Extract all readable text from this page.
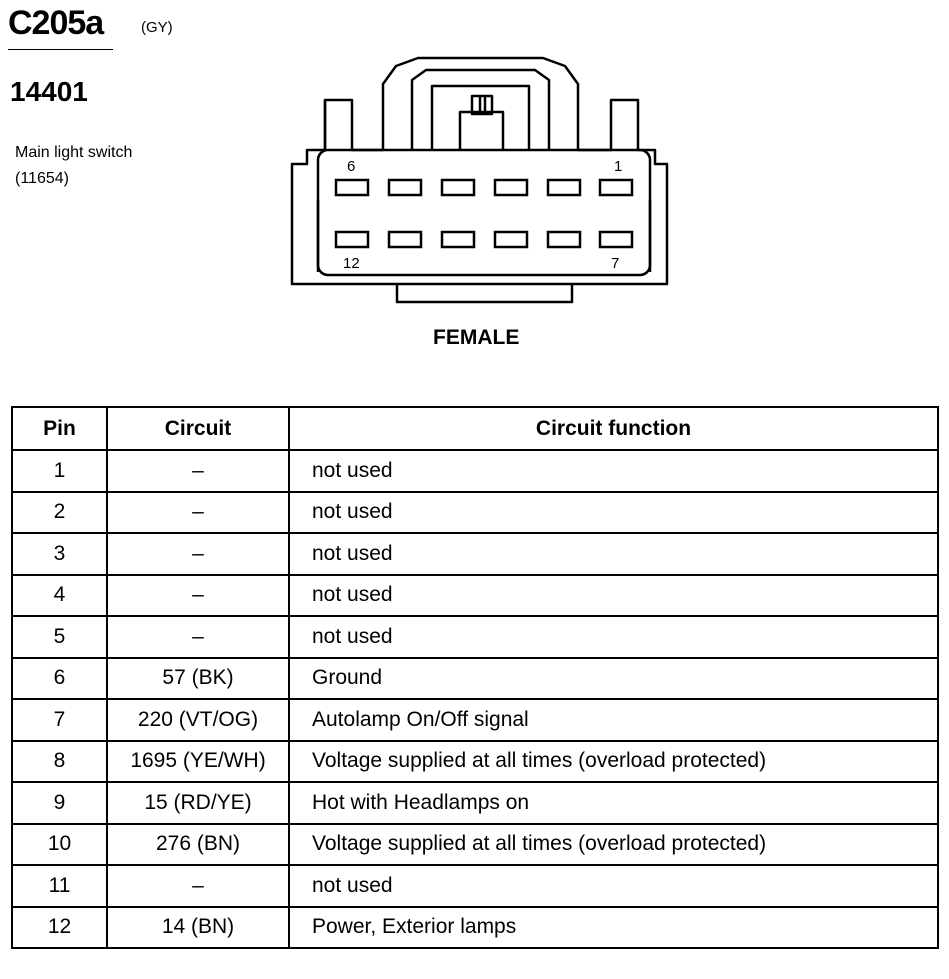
C205a	(GY)
14401
Main light switch
(11654)
6	1
12	7
FEMALE
Pin	Circuit	Circuit function
1	–	not used
2	–	not used
3	–	not used
4	–	not used
5	–	not used
6	57 (BK)	Ground
7	220 (VT/OG)	Autolamp On/Off signal
8	1695 (YE/WH)	Voltage supplied at all times (overload protected)
9	15 (RD/YE)	Hot with Headlamps on
10	276 (BN)	Voltage supplied at all times (overload protected)
11	–	not used
12	14 (BN)	Power, Exterior lamps
